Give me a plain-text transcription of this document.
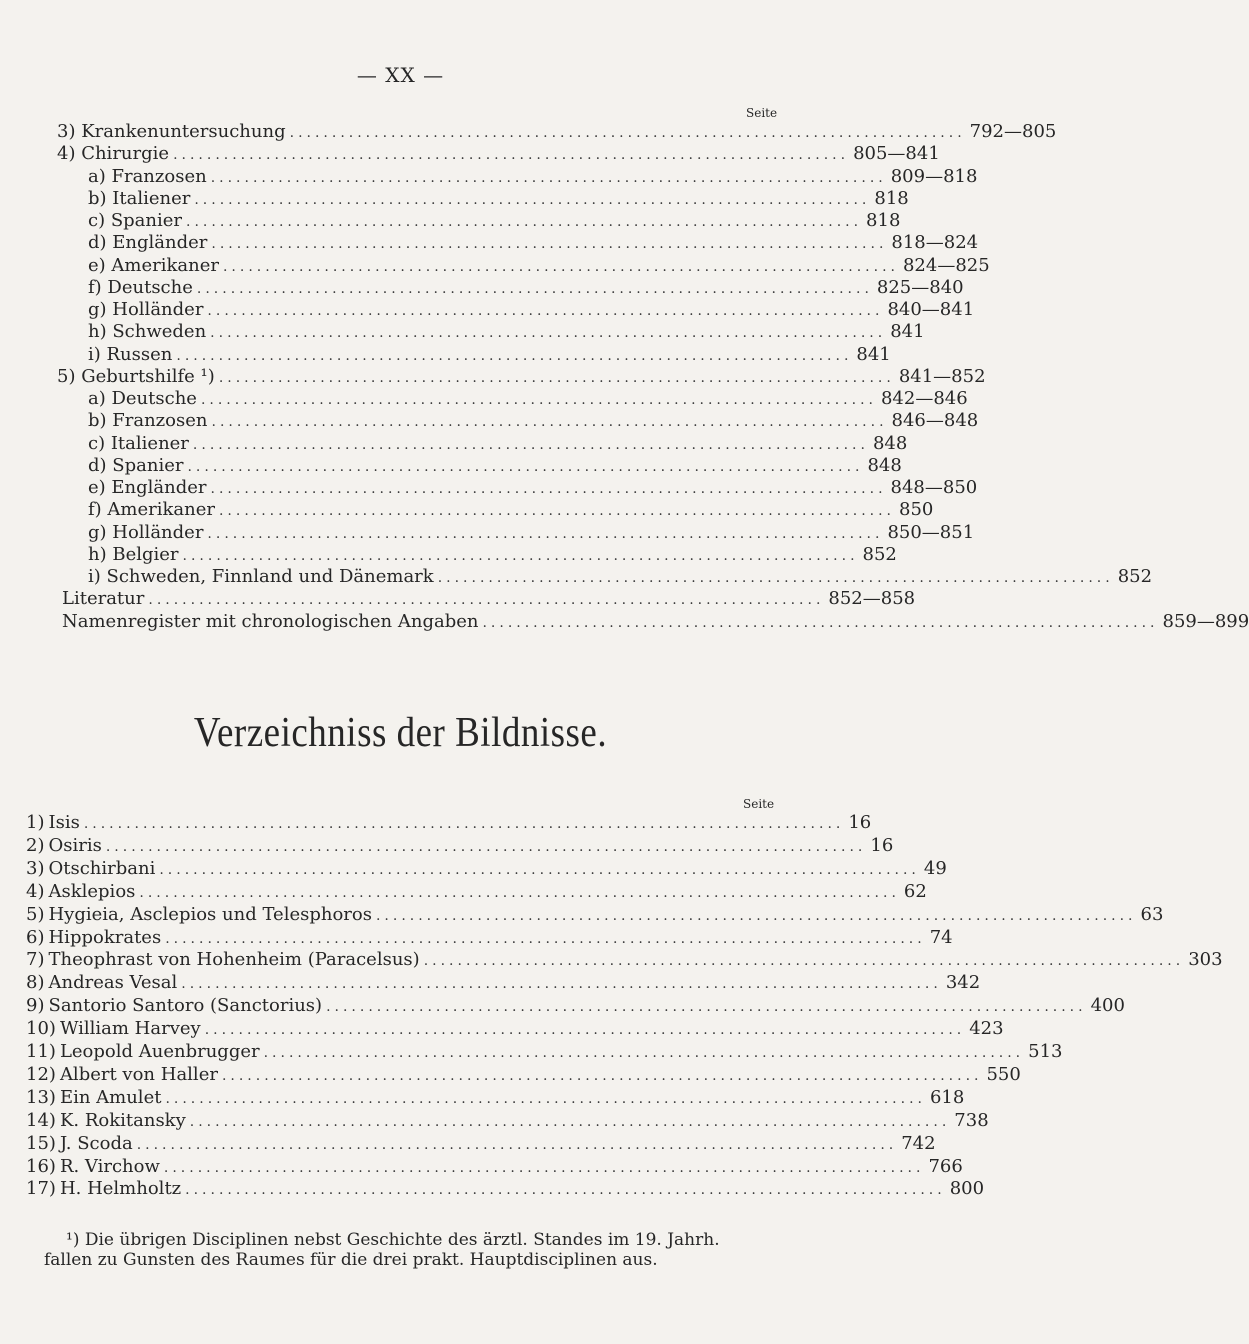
— XX —
Seite
3) Krankenuntersuchung ................................................................................ 792—805
4) Chirurgie ................................................................................ 805—841
a) Franzosen ................................................................................ 809—818
b) Italiener ................................................................................ 818
c) Spanier ................................................................................ 818
d) Engländer ................................................................................ 818—824
e) Amerikaner ................................................................................ 824—825
f) Deutsche ................................................................................ 825—840
g) Holländer ................................................................................ 840—841
h) Schweden ................................................................................ 841
i) Russen ................................................................................ 841
5) Geburtshilfe ¹) ................................................................................ 841—852
a) Deutsche ................................................................................ 842—846
b) Franzosen ................................................................................ 846—848
c) Italiener ................................................................................ 848
d) Spanier ................................................................................ 848
e) Engländer ................................................................................ 848—850
f) Amerikaner ................................................................................ 850
g) Holländer ................................................................................ 850—851
h) Belgier ................................................................................ 852
i) Schweden, Finnland und Dänemark ................................................................................ 852
Literatur ................................................................................ 852—858
Namenregister mit chronologischen Angaben ................................................................................ 859—899
Verzeichniss der Bildnisse.
Seite
1) Isis .......................................................................................... 16
2) Osiris .......................................................................................... 16
3) Otschirbani .......................................................................................... 49
4) Asklepios .......................................................................................... 62
5) Hygieia, Asclepios und Telesphoros .......................................................................................... 63
6) Hippokrates .......................................................................................... 74
7) Theophrast von Hohenheim (Paracelsus) .......................................................................................... 303
8) Andreas Vesal .......................................................................................... 342
9) Santorio Santoro (Sanctorius) .......................................................................................... 400
10) William Harvey .......................................................................................... 423
11) Leopold Auenbrugger .......................................................................................... 513
12) Albert von Haller .......................................................................................... 550
13) Ein Amulet .......................................................................................... 618
14) K. Rokitansky .......................................................................................... 738
15) J. Scoda .......................................................................................... 742
16) R. Virchow .......................................................................................... 766
17) H. Helmholtz .......................................................................................... 800
¹) Die übrigen Disciplinen nebst Geschichte des ärztl. Standes im 19. Jahrh.
fallen zu Gunsten des Raumes für die drei prakt. Hauptdisciplinen aus.
